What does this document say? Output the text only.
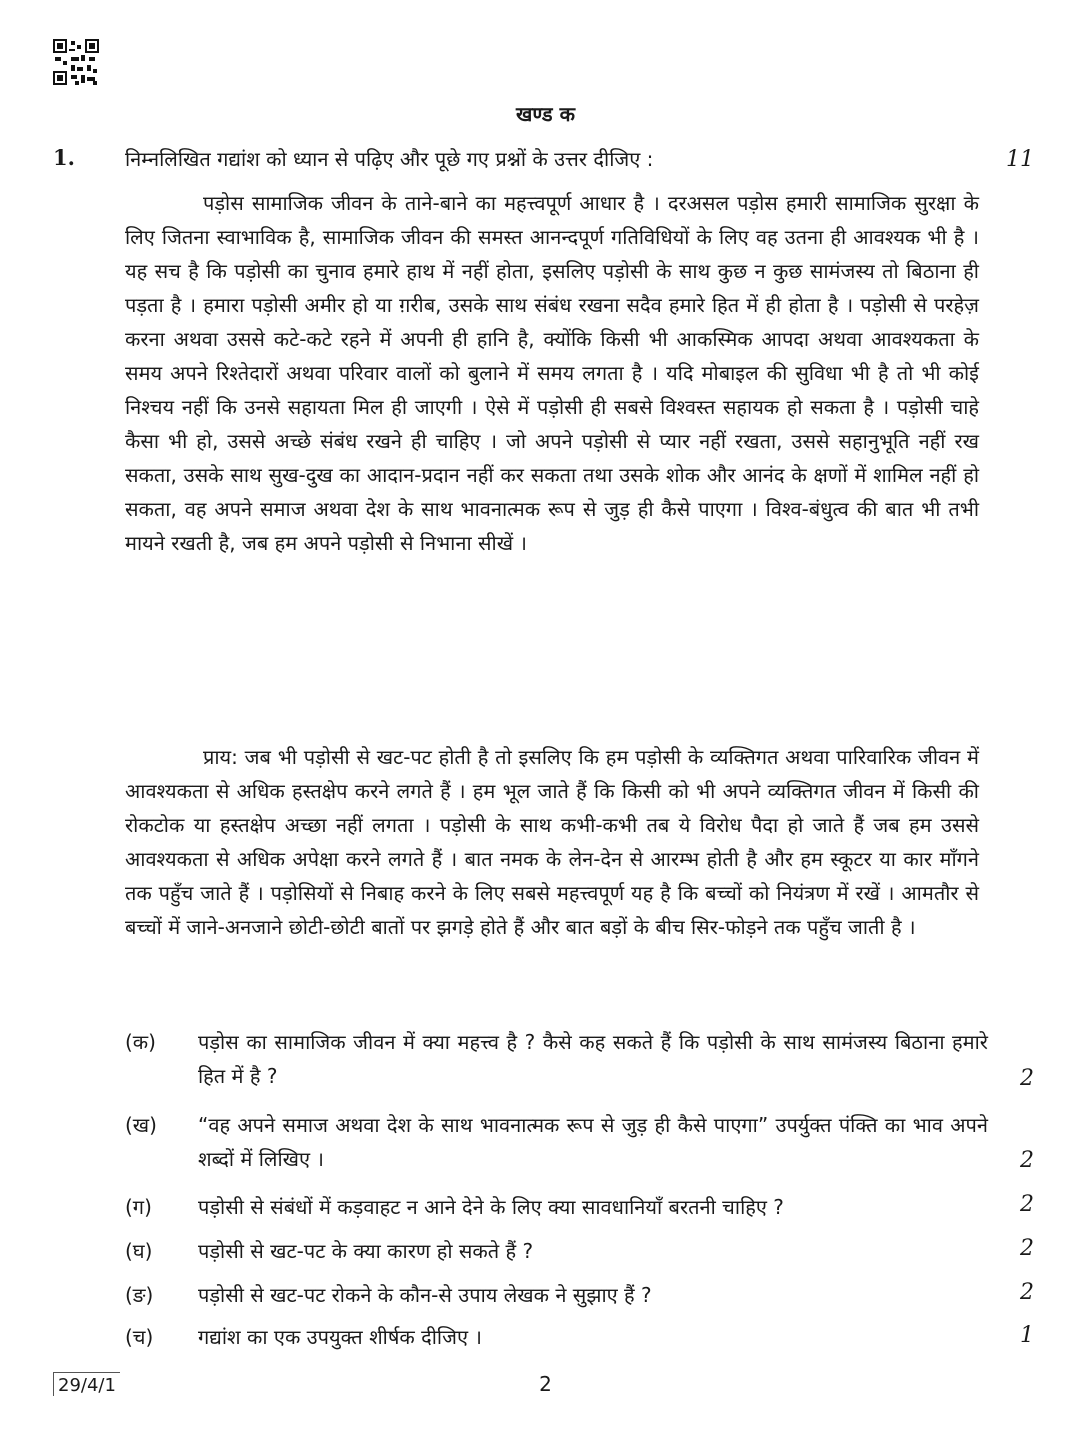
खण्ड क
1.	निम्नलिखित गद्यांश को ध्यान से पढ़िए और पूछे गए प्रश्नों के उत्तर दीजिए :	11

पड़ोस सामाजिक जीवन के ताने-बाने का महत्त्वपूर्ण आधार है । दरअसल पड़ोस हमारी सामाजिक सुरक्षा के लिए जितना स्वाभाविक है, सामाजिक जीवन की समस्त आनन्दपूर्ण गतिविधियों के लिए वह उतना ही आवश्यक भी है । यह सच है कि पड़ोसी का चुनाव हमारे हाथ में नहीं होता, इसलिए पड़ोसी के साथ कुछ न कुछ सामंजस्य तो बिठाना ही पड़ता है । हमारा पड़ोसी अमीर हो या ग़रीब, उसके साथ संबंध रखना सदैव हमारे हित में ही होता है । पड़ोसी से परहेज़ करना अथवा उससे कटे-कटे रहने में अपनी ही हानि है, क्योंकि किसी भी आकस्मिक आपदा अथवा आवश्यकता के समय अपने रिश्तेदारों अथवा परिवार वालों को बुलाने में समय लगता है । यदि मोबाइल की सुविधा भी है तो भी कोई निश्चय नहीं कि उनसे सहायता मिल ही जाएगी । ऐसे में पड़ोसी ही सबसे विश्वस्त सहायक हो सकता है । पड़ोसी चाहे कैसा भी हो, उससे अच्छे संबंध रखने ही चाहिए । जो अपने पड़ोसी से प्यार नहीं रखता, उससे सहानुभूति नहीं रख सकता, उसके साथ सुख-दुख का आदान-प्रदान नहीं कर सकता तथा उसके शोक और आनंद के क्षणों में शामिल नहीं हो सकता, वह अपने समाज अथवा देश के साथ भावनात्मक रूप से जुड़ ही कैसे पाएगा । विश्व-बंधुत्व की बात भी तभी मायने रखती है, जब हम अपने पड़ोसी से निभाना सीखें ।

प्राय: जब भी पड़ोसी से खट-पट होती है तो इसलिए कि हम पड़ोसी के व्यक्तिगत अथवा पारिवारिक जीवन में आवश्यकता से अधिक हस्तक्षेप करने लगते हैं । हम भूल जाते हैं कि किसी को भी अपने व्यक्तिगत जीवन में किसी की रोकटोक या हस्तक्षेप अच्छा नहीं लगता । पड़ोसी के साथ कभी-कभी तब ये विरोध पैदा हो जाते हैं जब हम उससे आवश्यकता से अधिक अपेक्षा करने लगते हैं । बात नमक के लेन-देन से आरम्भ होती है और हम स्कूटर या कार माँगने तक पहुँच जाते हैं । पड़ोसियों से निबाह करने के लिए सबसे महत्त्वपूर्ण यह है कि बच्चों को नियंत्रण में रखें । आमतौर से बच्चों में जाने-अनजाने छोटी-छोटी बातों पर झगड़े होते हैं और बात बड़ों के बीच सिर-फोड़ने तक पहुँच जाती है ।

(क) पड़ोस का सामाजिक जीवन में क्या महत्त्व है ? कैसे कह सकते हैं कि पड़ोसी के साथ सामंजस्य बिठाना हमारे हित में है ?	2
(ख) “वह अपने समाज अथवा देश के साथ भावनात्मक रूप से जुड़ ही कैसे पाएगा” उपर्युक्त पंक्ति का भाव अपने शब्दों में लिखिए ।	2
(ग) पड़ोसी से संबंधों में कड़वाहट न आने देने के लिए क्या सावधानियाँ बरतनी चाहिए ?	2
(घ) पड़ोसी से खट-पट के क्या कारण हो सकते हैं ?	2
(ङ) पड़ोसी से खट-पट रोकने के कौन-से उपाय लेखक ने सुझाए हैं ?	2
(च) गद्यांश का एक उपयुक्त शीर्षक दीजिए ।	1
29/4/1	2
